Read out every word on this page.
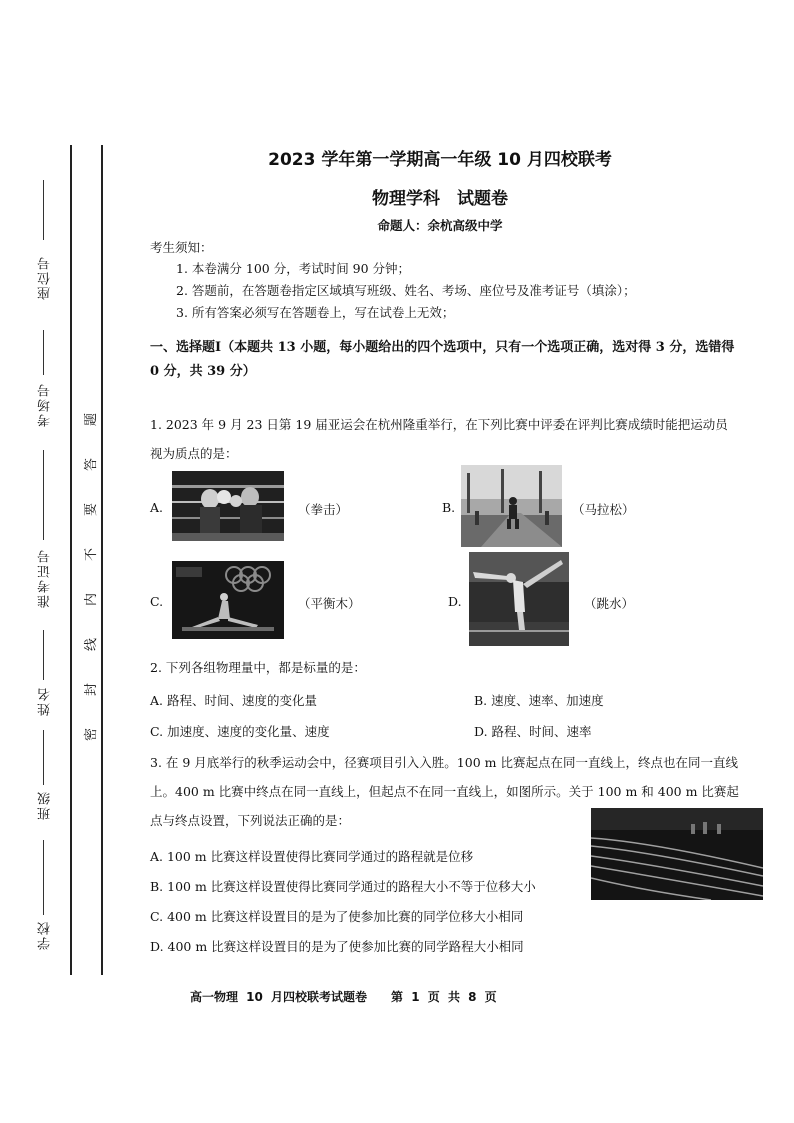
座位号
考场号
准考证号
姓名
班级
学校
题
答
要
不
内
线
封
密
2023 学年第一学期高一年级 10 月四校联考
物理学科　试题卷
命题人：余杭高级中学
考生须知：
1. 本卷满分 100 分，考试时间 90 分钟；
2. 答题前，在答题卷指定区域填写班级、姓名、考场、座位号及准考证号（填涂）；
3. 所有答案必须写在答题卷上，写在试卷上无效；
一、选择题Ⅰ（本题共 13 小题，每小题给出的四个选项中，只有一个选项正确，选对得 3 分，选错得 0 分，共 39 分）
1. 2023 年 9 月 23 日第 19 届亚运会在杭州隆重举行，在下列比赛中评委在评判比赛成绩时能把运动员视为质点的是：
A.	（拳击）	B.	（马拉松）
C.	（平衡木）	D.	（跳水）
2. 下列各组物理量中，都是标量的是：
A. 路程、时间、速度的变化量	B. 速度、速率、加速度
C. 加速度、速度的变化量、速度	D. 路程、时间、速率
3. 在 9 月底举行的秋季运动会中，径赛项目引入入胜。100 m 比赛起点在同一直线上，终点也在同一直线上。400 m 比赛中终点在同一直线上，但起点不在同一直线上，如图所示。关于 100 m 和 400 m 比赛起点与终点设置，下列说法正确的是：
A. 100 m 比赛这样设置使得比赛同学通过的路程就是位移
B. 100 m 比赛这样设置使得比赛同学通过的路程大小不等于位移大小
C. 400 m 比赛这样设置目的是为了使参加比赛的同学位移大小相同
D. 400 m 比赛这样设置目的是为了使参加比赛的同学路程大小相同
高一物理 10 月四校联考试题卷　　第 1 页 共 8 页
